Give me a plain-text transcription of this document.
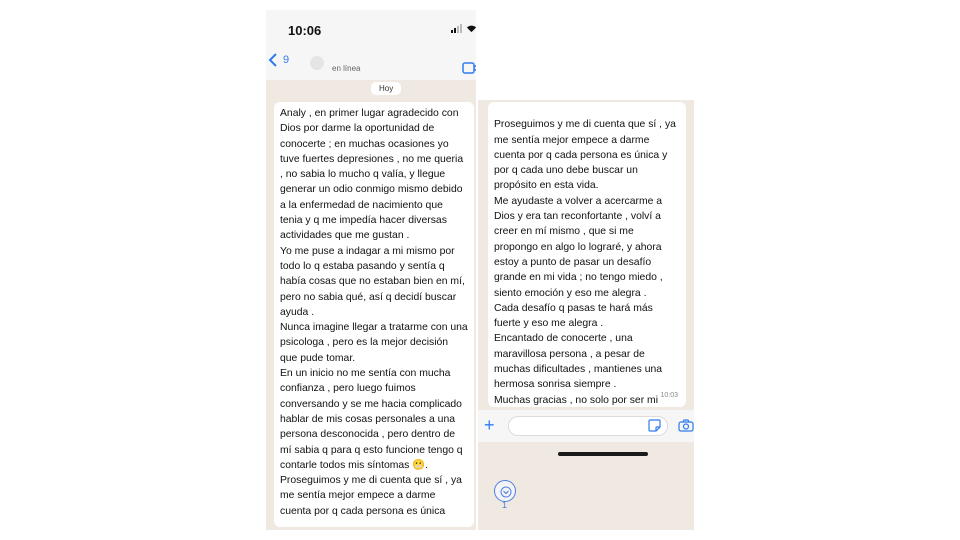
10:06
9
en línea
Hoy
Analy , en primer lugar agradecido con Dios por darme la oportunidad de conocerte ; en muchas ocasiones yo tuve fuertes depresiones , no me queria , no sabia lo mucho q valía, y llegue generar un odio conmigo mismo debido a la enfermedad de nacimiento que tenia y q me impedía hacer diversas actividades que me gustan .
Yo me puse a indagar a mi mismo por todo lo q estaba pasando y sentía q había cosas que no estaban bien en mí, pero no sabia qué, así q decidí buscar ayuda .
Nunca imagine llegar a tratarme con una psicologa , pero es la mejor decisión que pude tomar.
En un inicio no me sentía con mucha confianza , pero luego fuimos conversando y se me hacia complicado hablar de mis cosas personales a una persona desconocida , pero dentro de mí sabia q para q esto funcione tengo q contarle todos mis síntomas 😬.
Proseguimos y me di cuenta que sí , ya me sentía mejor empece a darme cuenta por q cada persona es única

Proseguimos y me di cuenta que sí , ya me sentía mejor empece a darme cuenta por q cada persona es única y por q cada uno debe buscar un propósito en esta vida.
Me ayudaste a volver a acercarme a Dios y era tan reconfortante , volví a creer en mí mismo , que si me propongo en algo lo lograré, y ahora estoy a punto de pasar un desafío grande en mi vida ; no tengo miedo , siento emoción y eso me alegra .
Cada desafío q pasas te hará más fuerte y eso me alegra .
Encantado de conocerte , una maravillosa persona , a pesar de muchas dificultades , mantienes una hermosa sonrisa siempre .
Muchas gracias , no solo por ser mi 10:03

+
1
